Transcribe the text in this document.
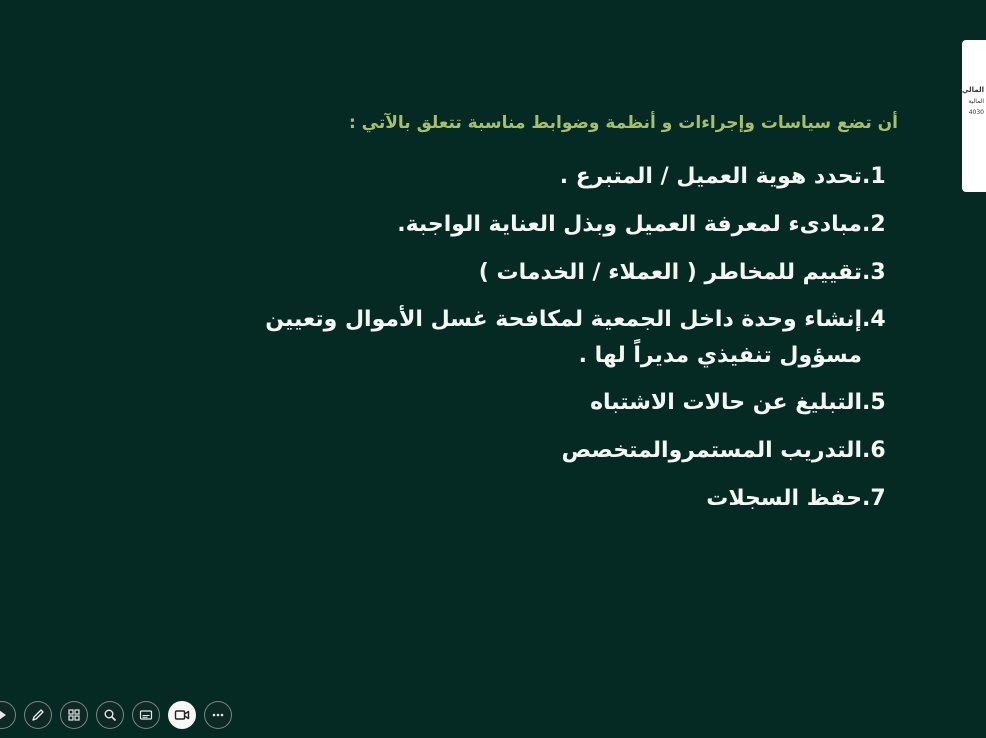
المالي
المالية
4030
أن تضع سياسات وإجراءات و أنظمة وضوابط مناسبة تتعلق بالآتي :
.1
تحدد هوية العميل / المتبرع .
.2
مبادىء لمعرفة العميل وبذل العناية الواجبة.
.3
تقييم للمخاطر ( العملاء / الخدمات )
.4
إنشاء وحدة داخل الجمعية لمكافحة غسل الأموال وتعيين مسؤول تنفيذي مديراً لها .
.5
التبليغ عن حالات الاشتباه
.6
التدريب المستمروالمتخصص
.7
حفظ السجلات
